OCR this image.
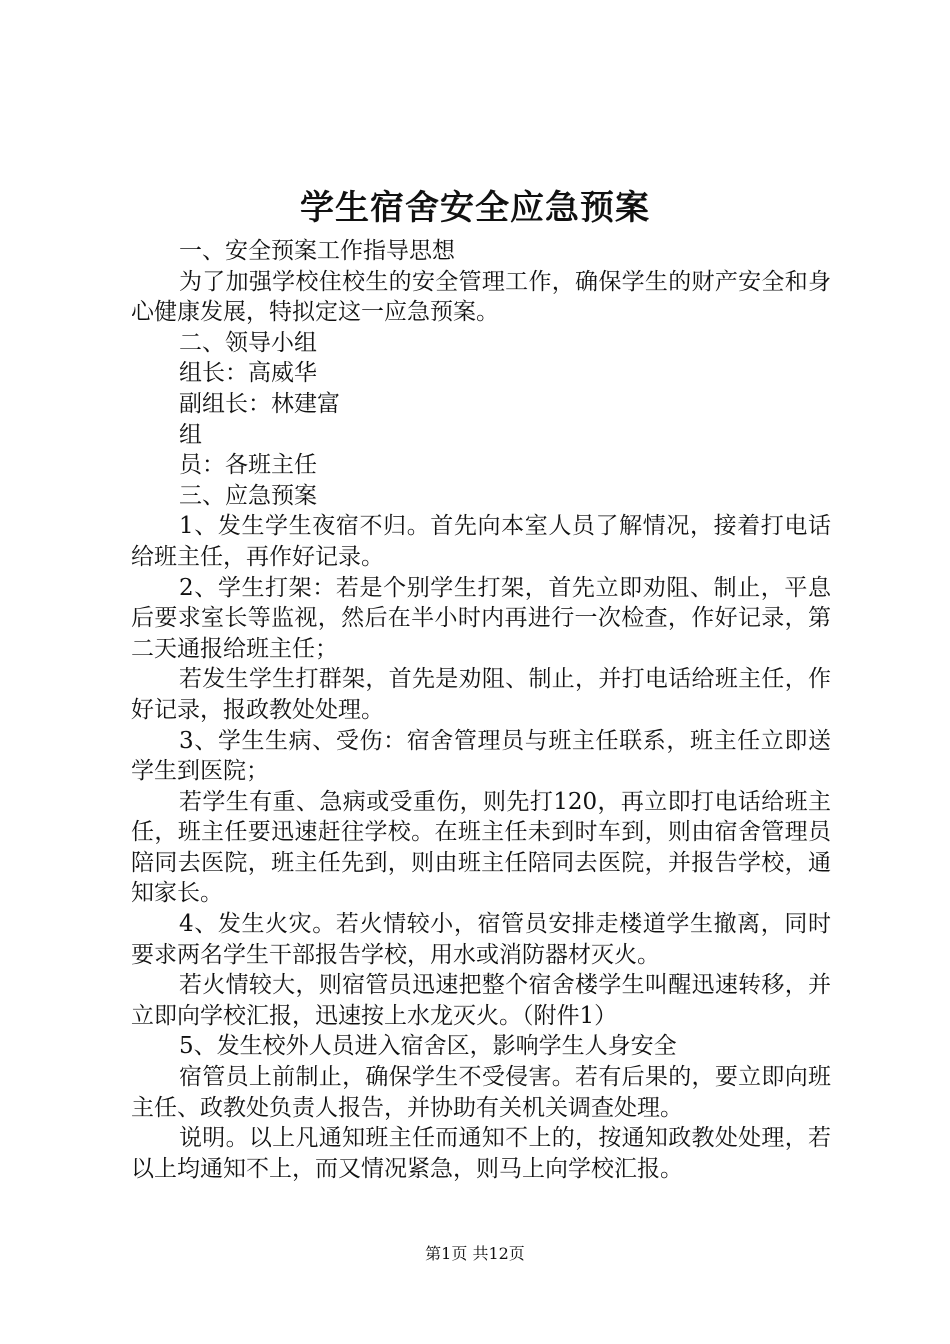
学生宿舍安全应急预案

一、安全预案工作指导思想

为了加强学校住校生的安全管理工作，确保学生的财产安全和身心健康发展，特拟定这一应急预案。

二、领导小组

组长：高威华

副组长：林建富

组

员：各班主任

三、应急预案

1、发生学生夜宿不归。首先向本室人员了解情况，接着打电话给班主任，再作好记录。

2、学生打架：若是个别学生打架，首先立即劝阻、制止，平息后要求室长等监视，然后在半小时内再进行一次检查，作好记录，第二天通报给班主任；

若发生学生打群架，首先是劝阻、制止，并打电话给班主任，作好记录，报政教处处理。

3、学生生病、受伤：宿舍管理员与班主任联系，班主任立即送学生到医院；

若学生有重、急病或受重伤，则先打120，再立即打电话给班主任，班主任要迅速赶往学校。在班主任未到时车到，则由宿舍管理员陪同去医院，班主任先到，则由班主任陪同去医院，并报告学校，通知家长。

4、发生火灾。若火情较小，宿管员安排走楼道学生撤离，同时要求两名学生干部报告学校，用水或消防器材灭火。

若火情较大，则宿管员迅速把整个宿舍楼学生叫醒迅速转移，并立即向学校汇报，迅速按上水龙灭火。（附件1）

5、发生校外人员进入宿舍区，影响学生人身安全

宿管员上前制止，确保学生不受侵害。若有后果的，要立即向班主任、政教处负责人报告，并协助有关机关调查处理。

说明。以上凡通知班主任而通知不上的，按通知政教处处理，若以上均通知不上，而又情况紧急，则马上向学校汇报。

第1页 共12页
